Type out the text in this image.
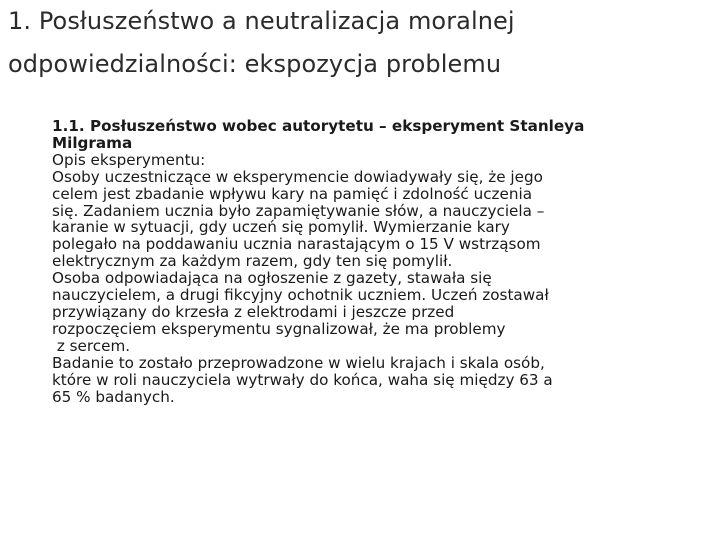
1. Posłuszeństwo a neutralizacja moralnej
odpowiedzialności: ekspozycja problemu

1.1. Posłuszeństwo wobec autorytetu – eksperyment Stanleya
Milgrama

Opis eksperymentu:

Osoby uczestniczące w eksperymencie dowiadywały się, że jego
celem jest zbadanie wpływu kary na pamięć i zdolność uczenia
się. Zadaniem ucznia było zapamiętywanie słów, a nauczyciela –
karanie w sytuacji, gdy uczeń się pomylił. Wymierzanie kary
polegało na poddawaniu ucznia narastającym o 15 V wstrząsom
elektrycznym za każdym razem, gdy ten się pomylił.

Osoba odpowiadająca na ogłoszenie z gazety, stawała się
nauczycielem, a drugi fikcyjny ochotnik uczniem. Uczeń zostawał
przywiązany do krzesła z elektrodami i jeszcze przed
rozpoczęciem eksperymentu sygnalizował, że ma problemy
z sercem.

Badanie to zostało przeprowadzone w wielu krajach i skala osób,
które w roli nauczyciela wytrwały do końca, waha się między 63 a
65 % badanych.
